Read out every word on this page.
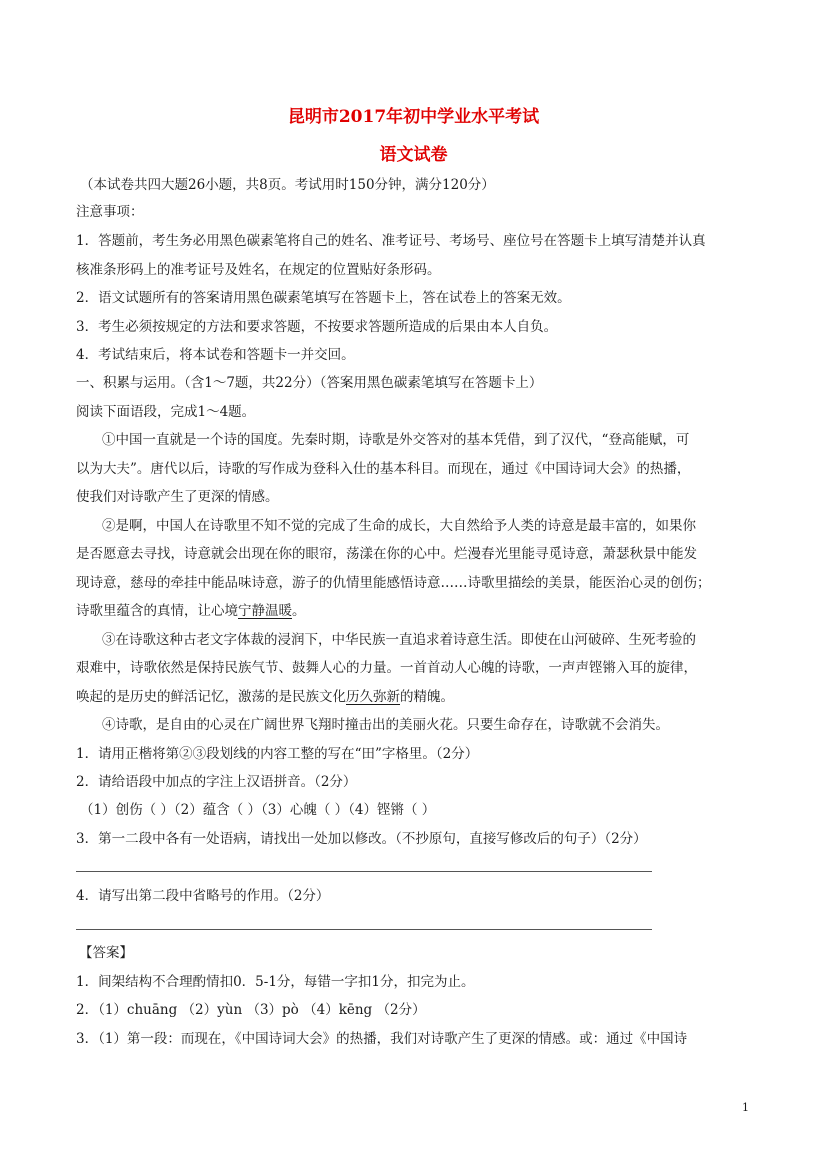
昆明市2017年初中学业水平考试
语文试卷
（本试卷共四大题26小题，共8页。考试用时150分钟，满分120分）
注意事项：
1．答题前，考生务必用黑色碳素笔将自己的姓名、准考证号、考场号、座位号在答题卡上填写清楚并认真
核准条形码上的准考证号及姓名，在规定的位置贴好条形码。
2．语文试题所有的答案请用黑色碳素笔填写在答题卡上，答在试卷上的答案无效。
3．考生必须按规定的方法和要求答题，不按要求答题所造成的后果由本人自负。
4．考试结束后，将本试卷和答题卡一并交回。
一、积累与运用。（含1～7题，共22分）（答案用黑色碳素笔填写在答题卡上）
阅读下面语段，完成1～4题。
①中国一直就是一个诗的国度。先秦时期，诗歌是外交答对的基本凭借，到了汉代，“登高能赋，可
以为大夫”。唐代以后，诗歌的写作成为登科入仕的基本科目。而现在，通过《中国诗词大会》的热播，
使我们对诗歌产生了更深的情感。
②是啊，中国人在诗歌里不知不觉的完成了生命的成长，大自然给予人类的诗意是最丰富的，如果你
是否愿意去寻找，诗意就会出现在你的眼帘，荡漾在你的心中。烂漫春光里能寻觅诗意，萧瑟秋景中能发
现诗意，慈母的牵挂中能品味诗意，游子的仇情里能感悟诗意……诗歌里描绘的美景，能医治心灵的创伤；
诗歌里蕴含的真情，让心境宁静温暖。
③在诗歌这种古老文字体裁的浸润下，中华民族一直追求着诗意生活。即使在山河破碎、生死考验的
艰难中，诗歌依然是保持民族气节、鼓舞人心的力量。一首首动人心魄的诗歌，一声声铿锵入耳的旋律，
唤起的是历史的鲜活记忆，激荡的是民族文化历久弥新的精魄。
④诗歌，是自由的心灵在广阔世界飞翔时撞击出的美丽火花。只要生命存在，诗歌就不会消失。
1．请用正楷将第②③段划线的内容工整的写在“田”字格里。（2分）
2．请给语段中加点的字注上汉语拼音。（2分）
（1）创伤（ ）（2）蕴含（ ）（3）心魄（ ）（4）铿锵（ ）
3．第一二段中各有一处语病，请找出一处加以修改。（不抄原句，直接写修改后的句子）（2分）
4．请写出第二段中省略号的作用。（2分）
【答案】
1．间架结构不合理酌情扣0．5-1分，每错一字扣1分，扣完为止。
2．（1）chuāng （2）yùn （3）pò （4）kēng （2分）
3．（1）第一段：而现在，《中国诗词大会》的热播，我们对诗歌产生了更深的情感。或：通过《中国诗
1
